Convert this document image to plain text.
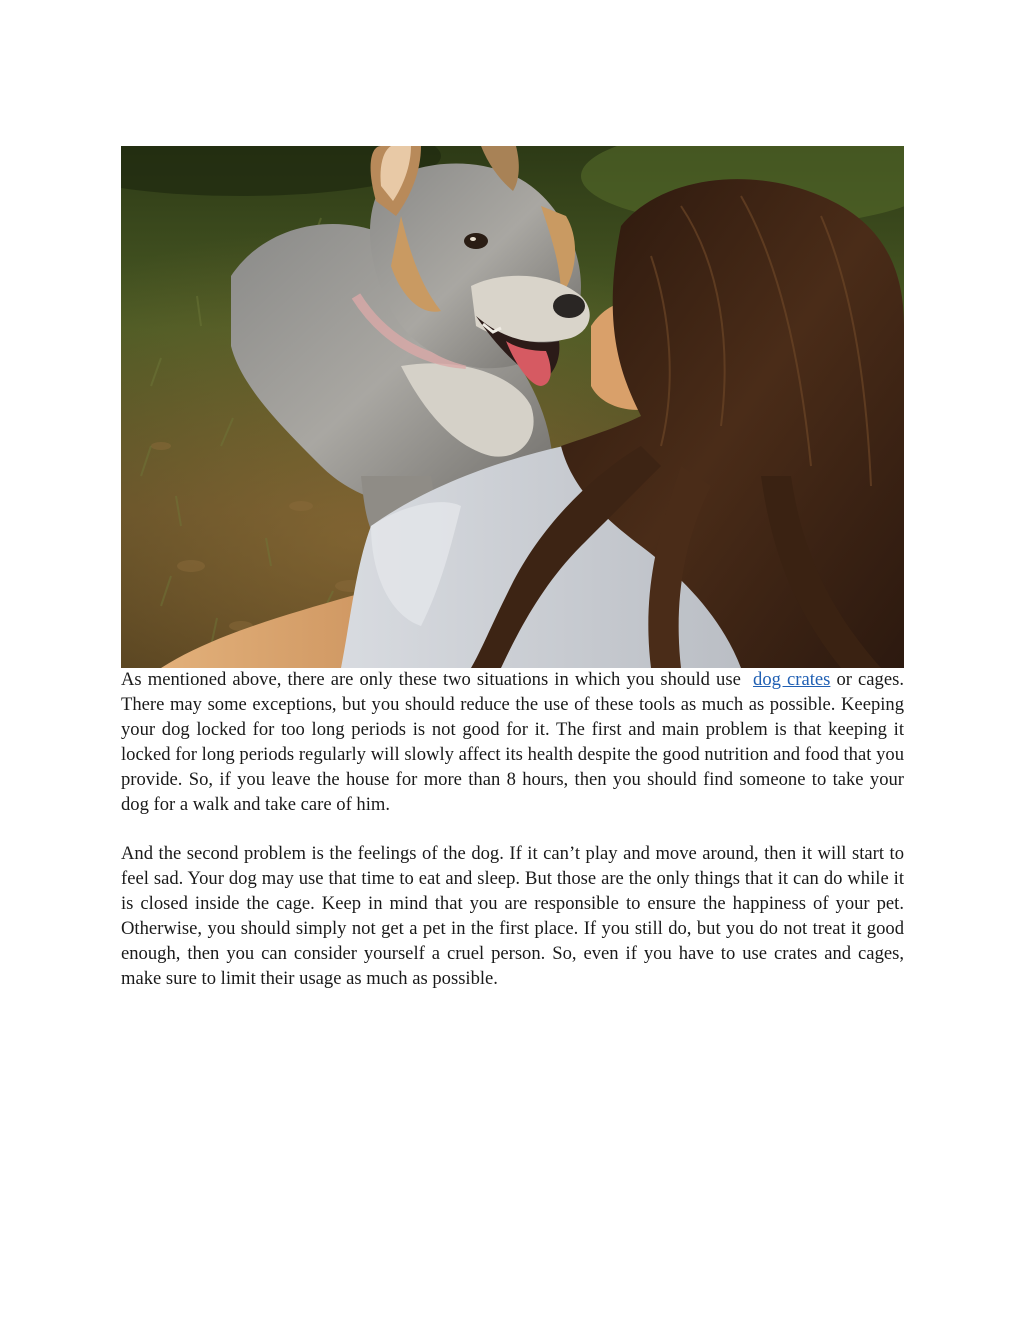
As mentioned above, there are only these two situations in which you should use  dog crates or cages. There may some exceptions, but you should reduce the use of these tools as much as possible. Keeping your dog locked for too long periods is not good for it. The first and main problem is that keeping it locked for long periods regularly will slowly affect its health despite the good nutrition and food that you provide. So, if you leave the house for more than 8 hours, then you should find someone to take your dog for a walk and take care of him.

And the second problem is the feelings of the dog. If it can’t play and move around, then it will start to feel sad. Your dog may use that time to eat and sleep. But those are the only things that it can do while it is closed inside the cage. Keep in mind that you are responsible to ensure the happiness of your pet. Otherwise, you should simply not get a pet in the first place. If you still do, but you do not treat it good enough, then you can consider yourself a cruel person. So, even if you have to use crates and cages, make sure to limit their usage as much as possible.
